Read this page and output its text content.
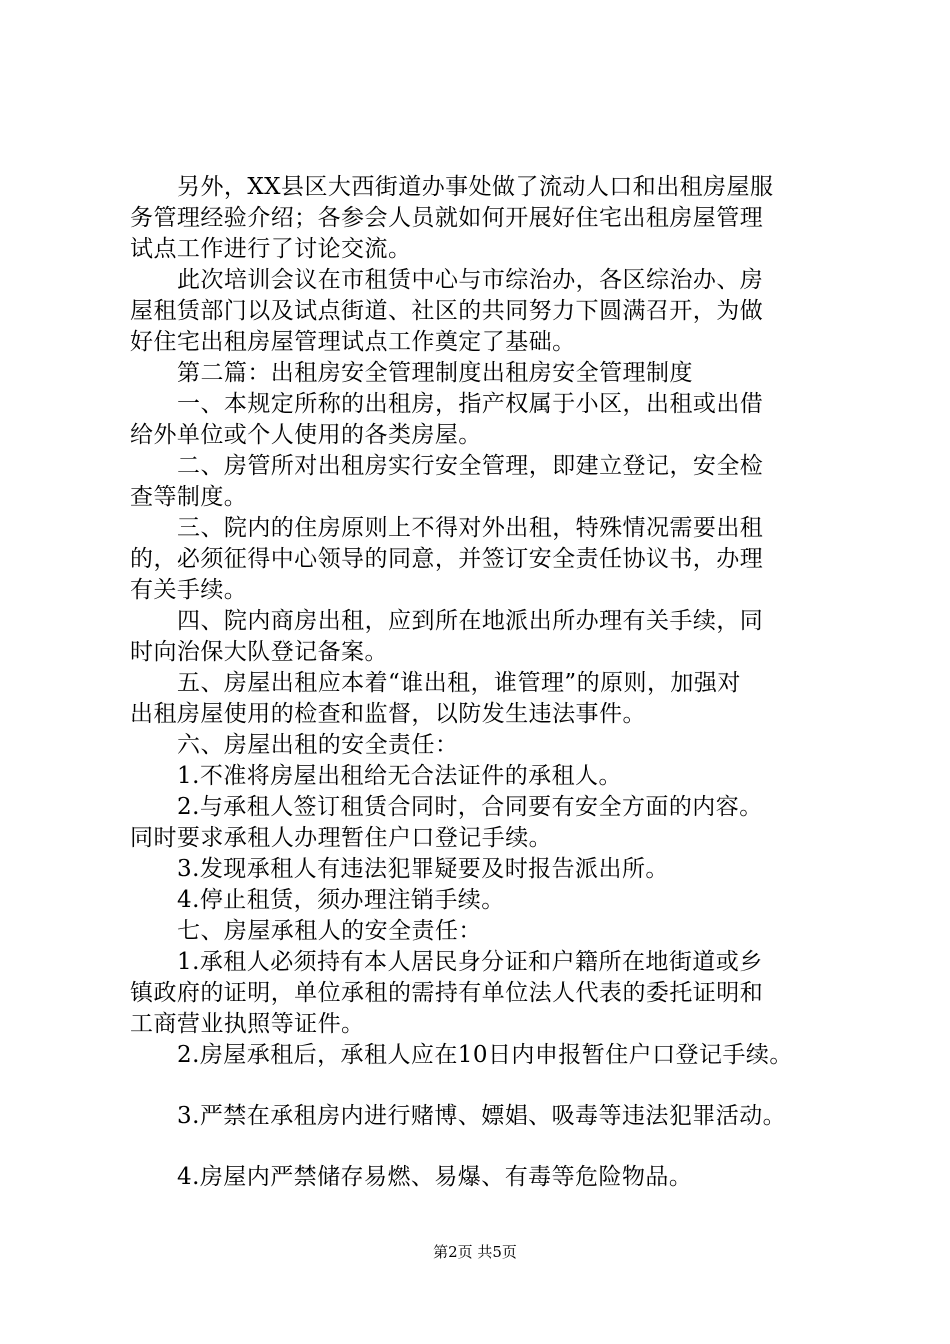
另外，XX县区大西街道办事处做了流动人口和出租房屋服
务管理经验介绍；各参会人员就如何开展好住宅出租房屋管理
试点工作进行了讨论交流。
此次培训会议在市租赁中心与市综治办，各区综治办、房
屋租赁部门以及试点街道、社区的共同努力下圆满召开，为做
好住宅出租房屋管理试点工作奠定了基础。
第二篇：出租房安全管理制度出租房安全管理制度
一、本规定所称的出租房，指产权属于小区，出租或出借
给外单位或个人使用的各类房屋。
二、房管所对出租房实行安全管理，即建立登记，安全检
查等制度。
三、院内的住房原则上不得对外出租，特殊情况需要出租
的，必须征得中心领导的同意，并签订安全责任协议书，办理
有关手续。
四、院内商房出租，应到所在地派出所办理有关手续，同
时向治保大队登记备案。
五、房屋出租应本着“谁出租，谁管理”的原则，加强对
出租房屋使用的检查和监督，以防发生违法事件。
六、房屋出租的安全责任：
1.不准将房屋出租给无合法证件的承租人。
2.与承租人签订租赁合同时，合同要有安全方面的内容。
同时要求承租人办理暂住户口登记手续。
3.发现承租人有违法犯罪疑要及时报告派出所。
4.停止租赁，须办理注销手续。
七、房屋承租人的安全责任：
1.承租人必须持有本人居民身分证和户籍所在地街道或乡
镇政府的证明，单位承租的需持有单位法人代表的委托证明和
工商营业执照等证件。
2.房屋承租后，承租人应在10日内申报暂住户口登记手续。
3.严禁在承租房内进行赌博、嫖娼、吸毒等违法犯罪活动。
4.房屋内严禁储存易燃、易爆、有毒等危险物品。
第2页 共5页
